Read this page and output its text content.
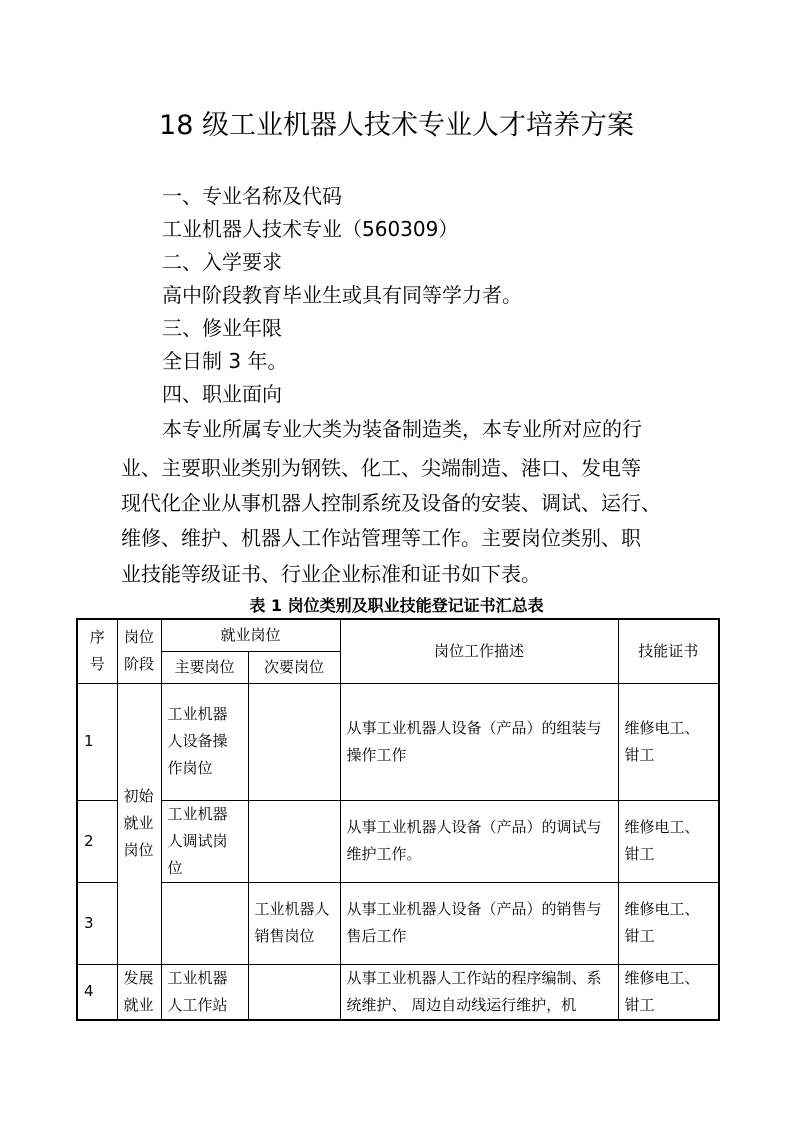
18 级工业机器人技术专业人才培养方案
一、专业名称及代码
工业机器人技术专业（560309）
二、入学要求
高中阶段教育毕业生或具有同等学力者。
三、修业年限
全日制 3 年。
四、职业面向
本专业所属专业大类为装备制造类，本专业所对应的行
业、主要职业类别为钢铁、化工、尖端制造、港口、发电等
现代化企业从事机器人控制系统及设备的安装、调试、运行、
维修、维护、机器人工作站管理等工作。主要岗位类别、职
业技能等级证书、行业企业标准和证书如下表。
表 1 岗位类别及职业技能登记证书汇总表
序号	岗位阶段	就业岗位		岗位工作描述	技能证书
		主要岗位	次要岗位		
1	初始就业岗位	工业机器人设备操作岗位		从事工业机器人设备（产品）的组装与操作工作	维修电工、钳工
2		工业机器人调试岗位		从事工业机器人设备（产品）的调试与维护工作。	维修电工、钳工
3			工业机器人销售岗位	从事工业机器人设备（产品）的销售与售后工作	维修电工、钳工
4	发展就业	工业机器人工作站		从事工业机器人工作站的程序编制、系统维护、 周边自动线运行维护，机	维修电工、钳工
